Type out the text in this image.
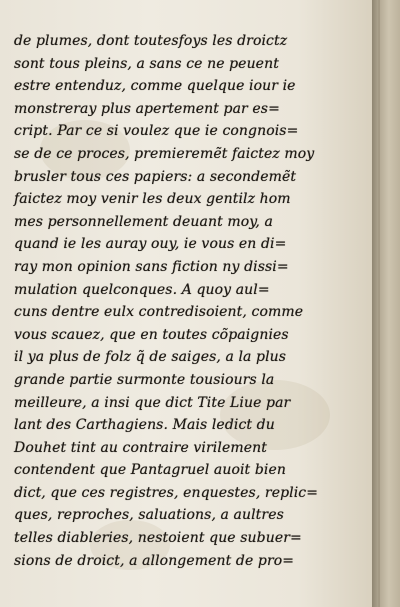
de plumes, dont toutesfoys les droictz
sont tous pleins, a sans ce ne peuent
estre entenduz, comme quelque iour ie
monstreray plus apertement par es=
cript. Par ce si voulez que ie congnois=
se de ce proces, premieremẽt faictez moy
brusler tous ces papiers: a secondemẽt
faictez moy venir les deux gentilz hom
mes personnellement deuant moy, a
quand ie les auray ouy, ie vous en di=
ray mon opinion sans fiction ny dissi=
mulation quelconques. A quoy aul=
cuns dentre eulx contredisoient, comme
vous scauez, que en toutes cõpaignies
il ya plus de folz q̃ de saiges, a la plus
grande partie surmonte tousiours la
meilleure, a insi que dict Tite Liue par
lant des Carthagiens. Mais ledict du
Douhet tint au contraire virilement
contendent que Pantagruel auoit bien
dict, que ces registres, enquestes, replic=
ques, reproches, saluations, a aultres
telles diableries, nestoient que subuer=
sions de droict, a allongement de pro=
